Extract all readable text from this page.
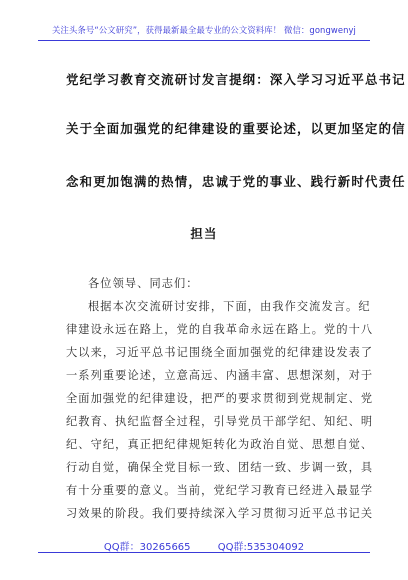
关注头条号“公文研究”，获得最新最全最专业的公文资料库！ 微信：gongwenyj
党纪学习教育交流研讨发言提纲：深入学习习近平总书记
关于全面加强党的纪律建设的重要论述，以更加坚定的信
念和更加饱满的热情，忠诚于党的事业、践行新时代责任
担当
各位领导、同志们：
根据本次交流研讨安排，下面，由我作交流发言。纪
律建设永远在路上，党的自我革命永远在路上。党的十八
大以来，习近平总书记围绕全面加强党的纪律建设发表了
一系列重要论述，立意高远、内涵丰富、思想深刻，对于
全面加强党的纪律建设，把严的要求贯彻到党规制定、党
纪教育、执纪监督全过程，引导党员干部学纪、知纪、明
纪、守纪，真正把纪律规矩转化为政治自觉、思想自觉、
行动自觉，确保全党目标一致、团结一致、步调一致，具
有十分重要的意义。当前，党纪学习教育已经进入最显学
习效果的阶段。我们要持续深入学习贯彻习近平总书记关
QQ群：30265665	QQ群:535304092
